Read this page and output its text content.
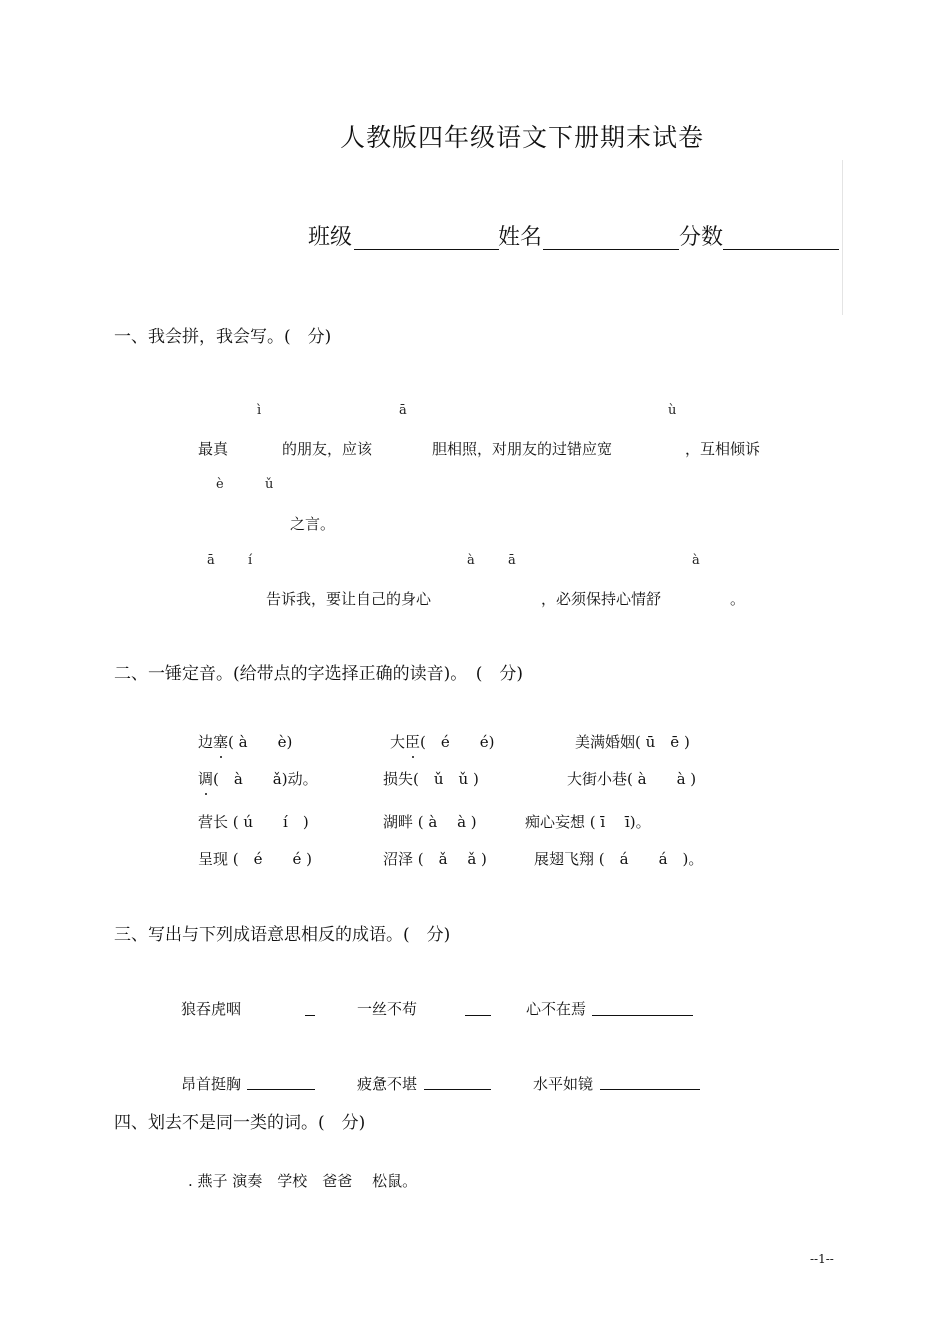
人教版四年级语文下册期末试卷
班级	姓名	分数
一、我会拼，我会写。(　分)
ì	ā	ù
最真	的朋友，应该	胆相照，对朋友的过错应宽	，互相倾诉
è	ǔ
之言。
ā	í	à	ā	à
告诉我，要让自己的身心	，必须保持心情舒	。
二、一锤定音。(给带点的字选择正确的读音)。　(　分)
边塞( à　　è)	大臣(　é　　é)	美满婚姻( ū　ē )
调(　à　　ǎ)动。	损失(　ǔ　ǔ )	大街小巷( à　　à )
营长 ( ú　　í　)	湖畔 ( à　 à )	痴心妄想 ( ī　 ī)。
呈现 (　é　　é )	沼泽 (　ǎ　 ǎ )	展翅飞翔 (　á　　á　)。
三、写出与下列成语意思相反的成语。(　分)
狼吞虎咽	一丝不苟	心不在焉
昂首挺胸	疲惫不堪	水平如镜
四、划去不是同一类的词。(　分)
. 燕子 演奏　学校　爸爸　 松鼠。
--1--
